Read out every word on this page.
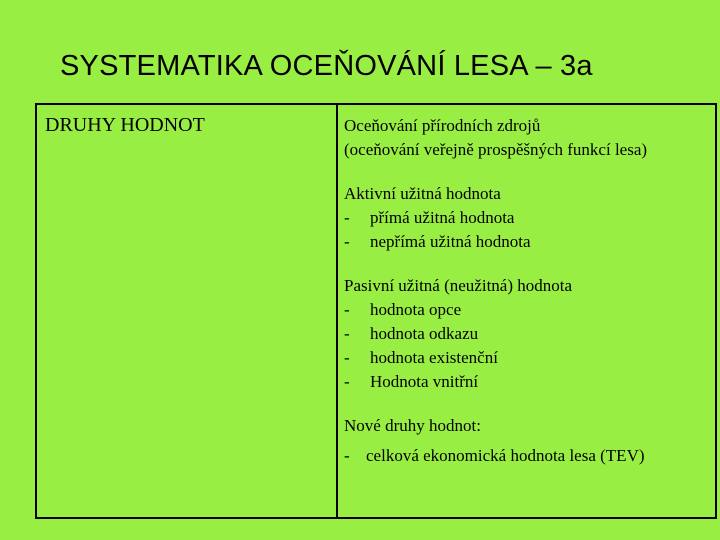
SYSTEMATIKA OCEŇOVÁNÍ LESA – 3a
DRUHY HODNOT	Oceňování přírodních zdrojů
(oceňování veřejně prospěšných funkcí lesa)
Aktivní užitná hodnota
- přímá užitná hodnota
- nepřímá užitná hodnota
Pasivní užitná (neužitná) hodnota
- hodnota opce
- hodnota odkazu
- hodnota existenční
- Hodnota vnitřní
Nové druhy hodnot:
- celková ekonomická hodnota lesa (TEV)
